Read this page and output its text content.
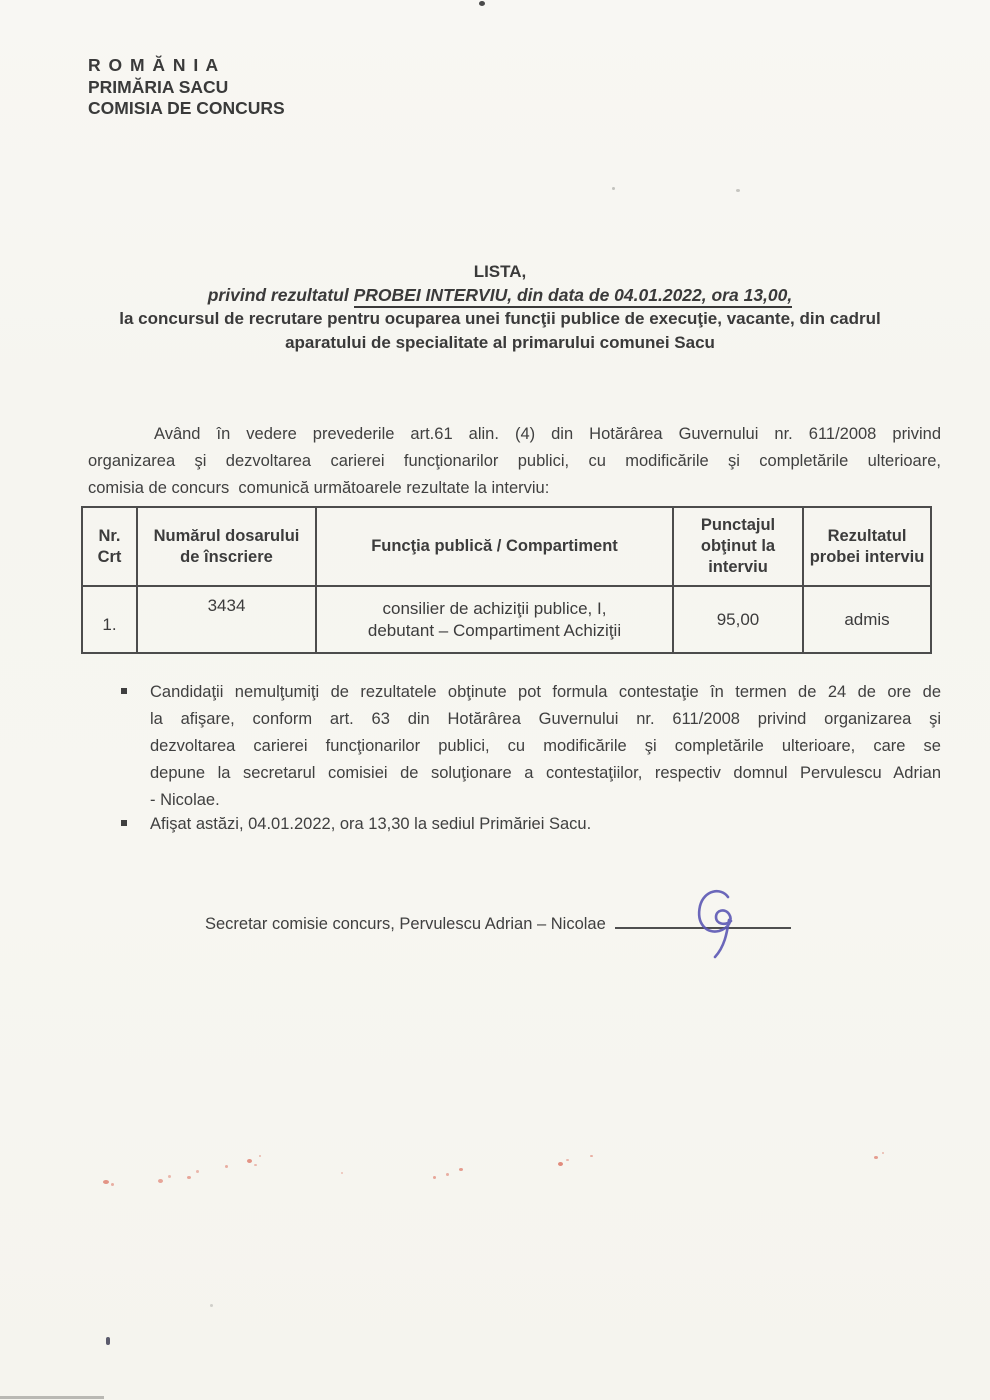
R O M Ă N I A
PRIMĂRIA SACU
COMISIA DE CONCURS
LISTA,
privind rezultatul PROBEI INTERVIU, din data de 04.01.2022, ora 13,00,
la concursul de recrutare pentru ocuparea unei funcţii publice de execuţie, vacante, din cadrul
aparatului de specialitate al primarului comunei Sacu
Având în vedere prevederile art.61 alin. (4) din Hotărârea Guvernului nr. 611/2008 privind
organizarea şi dezvoltarea carierei funcţionarilor publici, cu modificările şi completările ulterioare,
comisia de concurs  comunică următoarele rezultate la interviu:
Nr. Crt	Numărul dosarului de înscriere	Funcţia publică / Compartiment	Punctajul obţinut la interviu	Rezultatul probei interviu
1.	3434	consilier de achiziţii publice, I,
debutant – Compartiment Achiziţii	95,00	admis
Candidaţii nemulţumiţi de rezultatele obţinute pot formula contestaţie în termen de 24 de ore de
la afişare, conform art. 63 din Hotărârea Guvernului nr. 611/2008 privind organizarea şi
dezvoltarea carierei funcţionarilor publici, cu modificările şi completările ulterioare, care se
depune la secretarul comisiei de soluţionare a contestaţiilor, respectiv domnul Pervulescu Adrian
- Nicolae.
Afişat astăzi, 04.01.2022, ora 13,30 la sediul Primăriei Sacu.
Secretar comisie concurs, Pervulescu Adrian – Nicolae
